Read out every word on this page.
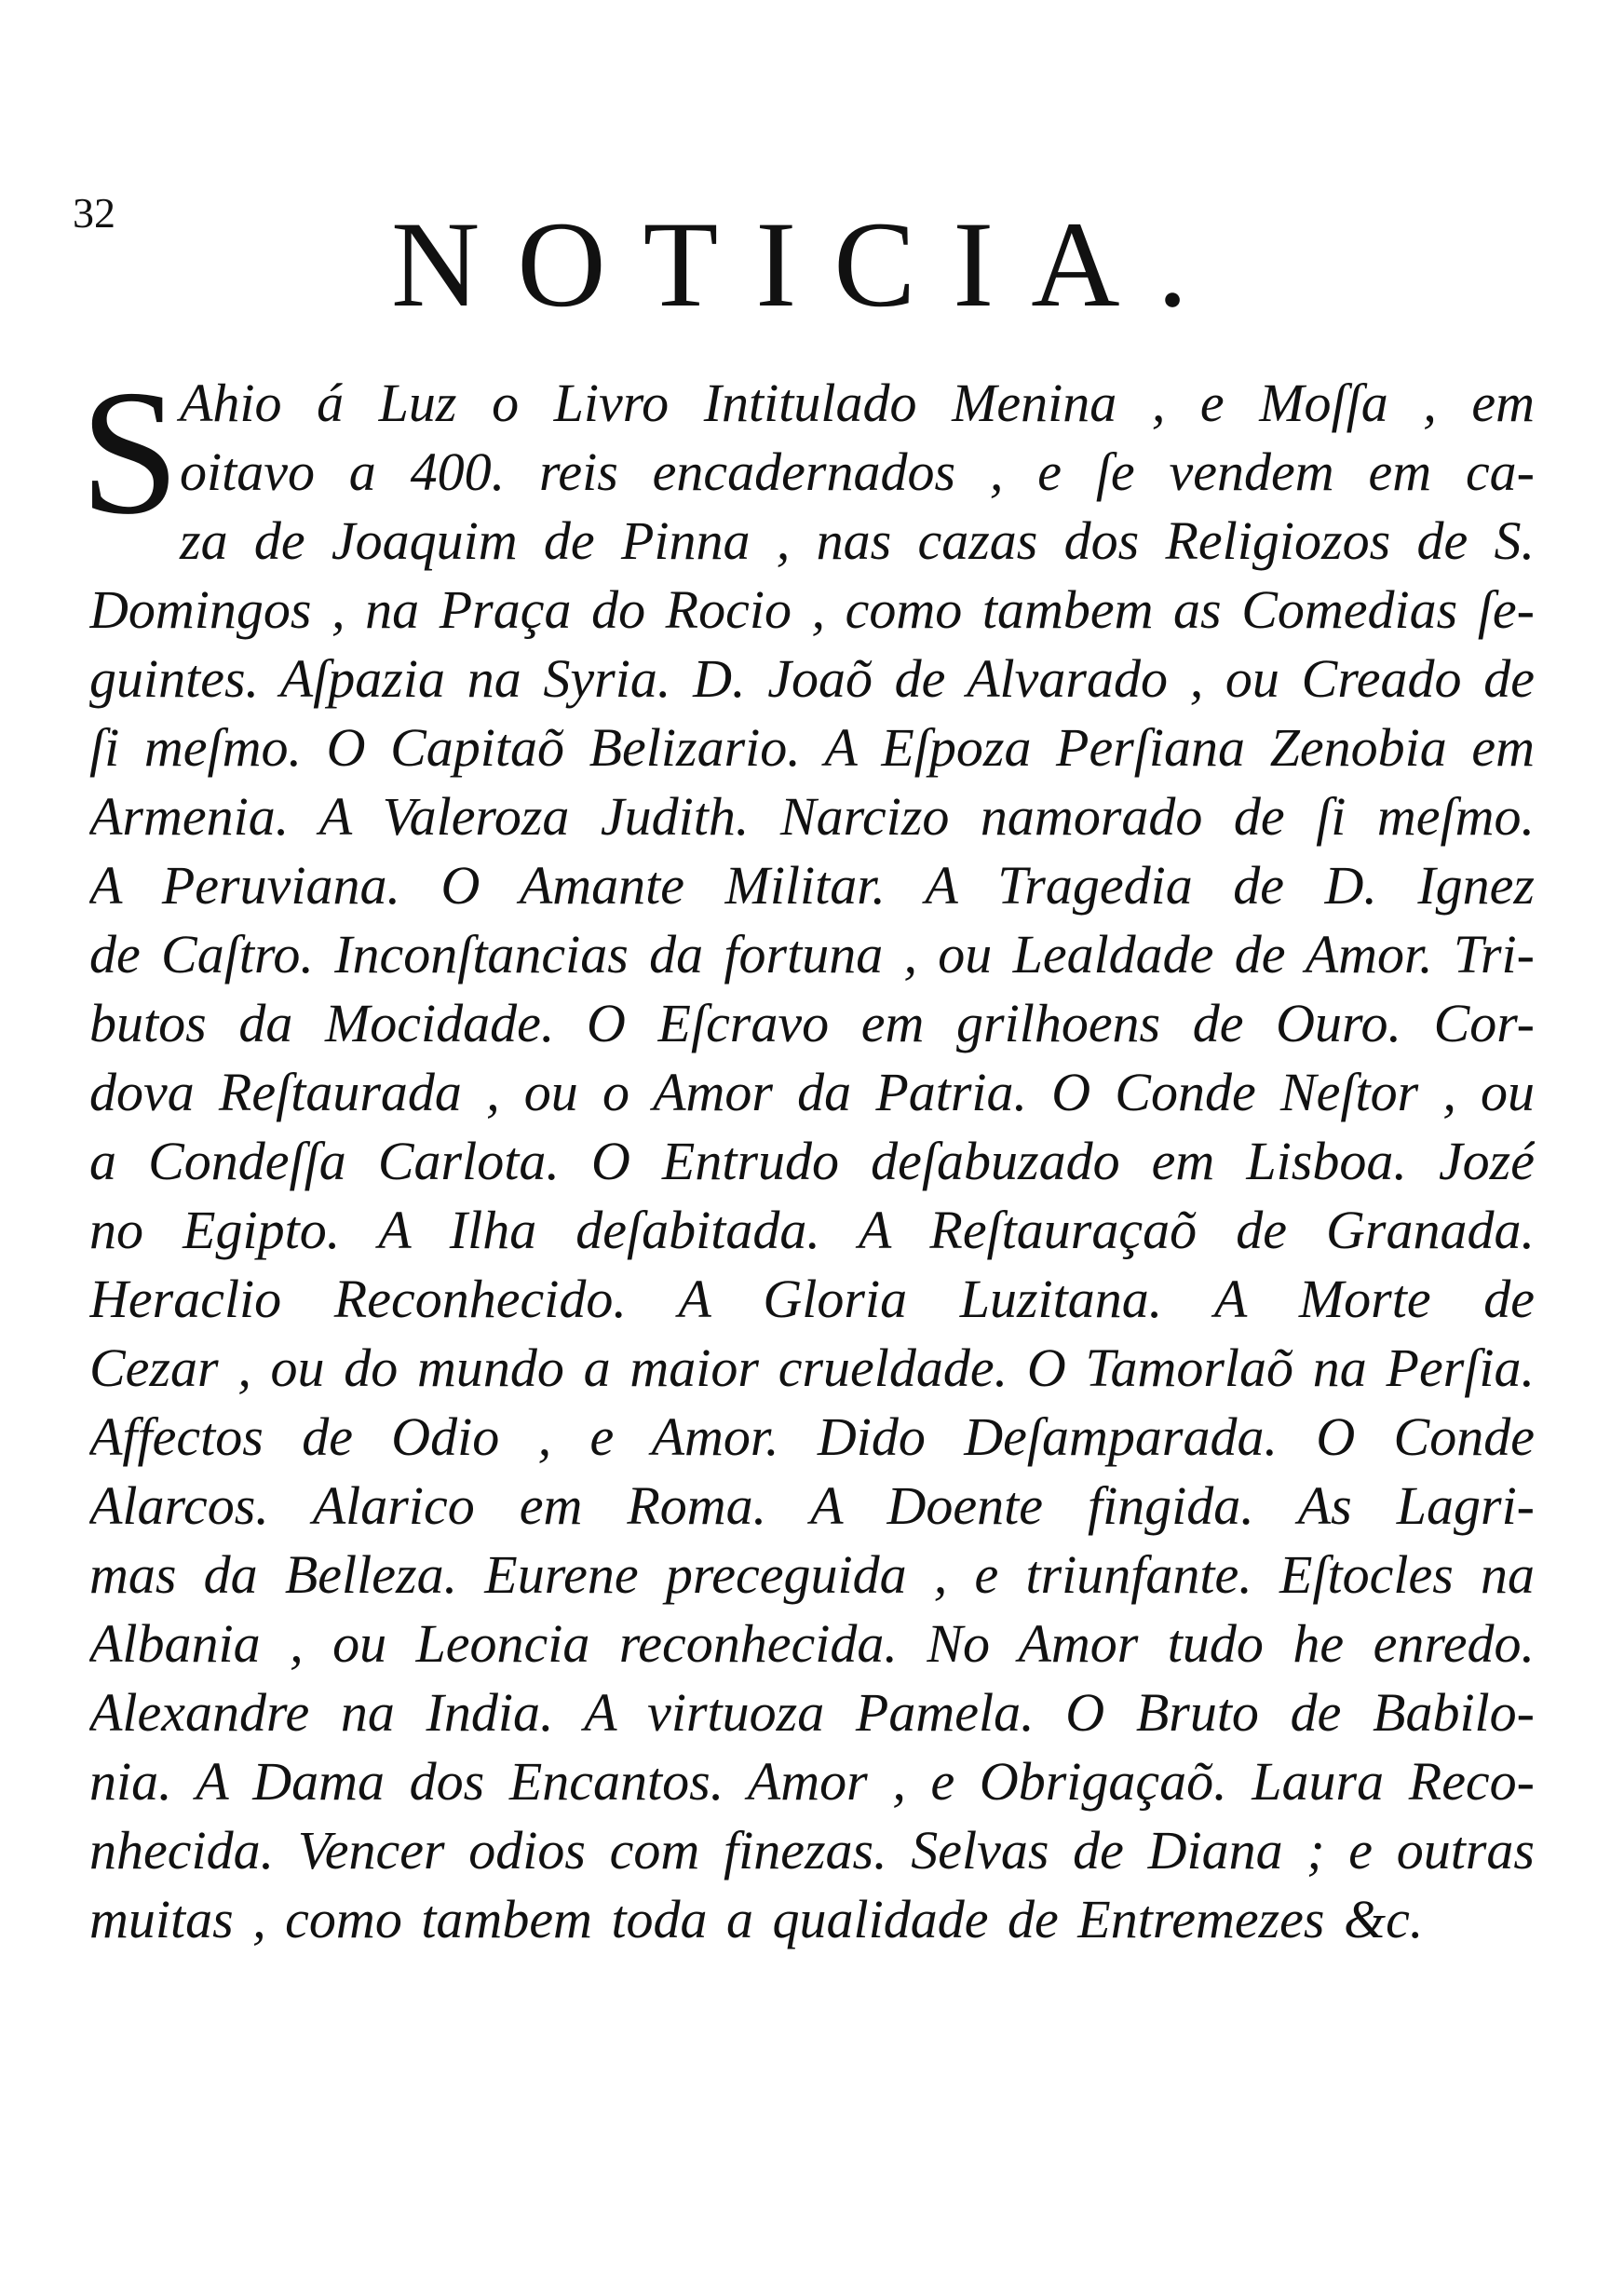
32 NOTICIA.
S Ahio á Luz o Livro Intitulado Menina , e Moſſa , em
oitavo a 400. reis encadernados , e ſe vendem em ca-
za de Joaquim de Pinna , nas cazas dos Religiozos de S.
Domingos , na Praça do Rocio , como tambem as Comedias ſe-
guintes. Aſpazia na Syria. D. Joaõ de Alvarado , ou Creado de
ſi meſmo. O Capitaõ Belizario. A Eſpoza Perſiana Zenobia em
Armenia. A Valeroza Judith. Narcizo namorado de ſi meſmo.
A Peruviana. O Amante Militar. A Tragedia de D. Ignez
de Caſtro. Inconſtancias da fortuna , ou Lealdade de Amor. Tri-
butos da Mocidade. O Eſcravo em grilhoens de Ouro. Cor-
dova Reſtaurada , ou o Amor da Patria. O Conde Neſtor , ou
a Condeſſa Carlota. O Entrudo deſabuzado em Lisboa. Jozé
no Egipto. A Ilha deſabitada. A Reſtauraçaõ de Granada.
Heraclio Reconhecido. A Gloria Luzitana. A Morte de
Cezar , ou do mundo a maior crueldade. O Tamorlaõ na Perſia.
Affectos de Odio , e Amor. Dido Deſamparada. O Conde
Alarcos. Alarico em Roma. A Doente fingida. As Lagri-
mas da Belleza. Eurene preceguida , e triunfante. Eſtocles na
Albania , ou Leoncia reconhecida. No Amor tudo he enredo.
Alexandre na India. A virtuoza Pamela. O Bruto de Babilo-
nia. A Dama dos Encantos. Amor , e Obrigaçaõ. Laura Reco-
nhecida. Vencer odios com finezas. Selvas de Diana ; e outras
muitas , como tambem toda a qualidade de Entremezes &c.
